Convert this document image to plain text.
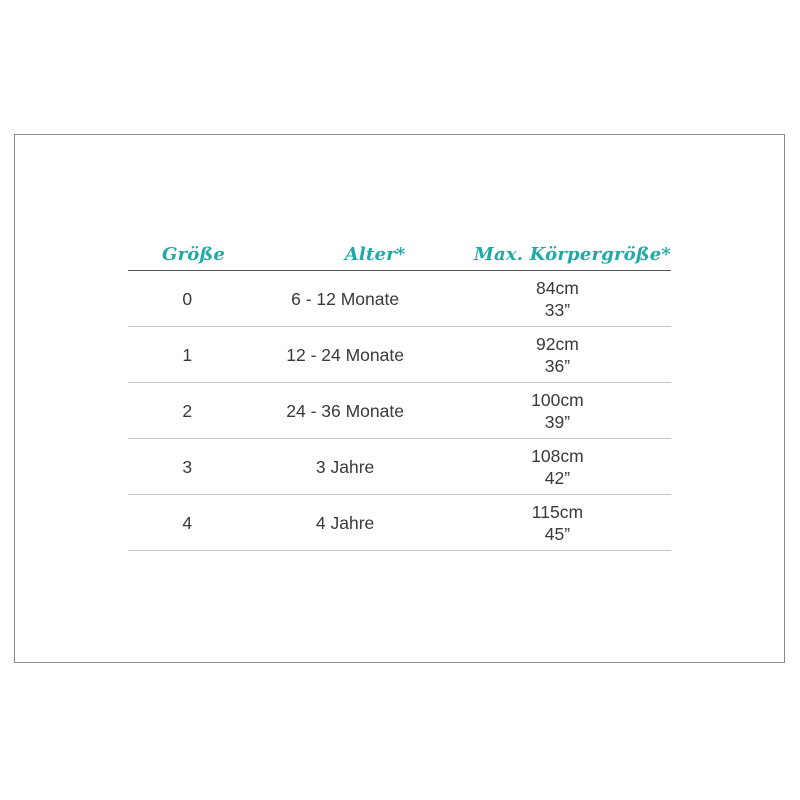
Größe	Alter*	Max. Körpergröße*
0	6 - 12 Monate	84cm
33”

1	12 - 24 Monate	92cm
36”

2	24 - 36 Monate	100cm
39”

3	3 Jahre	108cm
42”

4	4 Jahre	115cm
45”
